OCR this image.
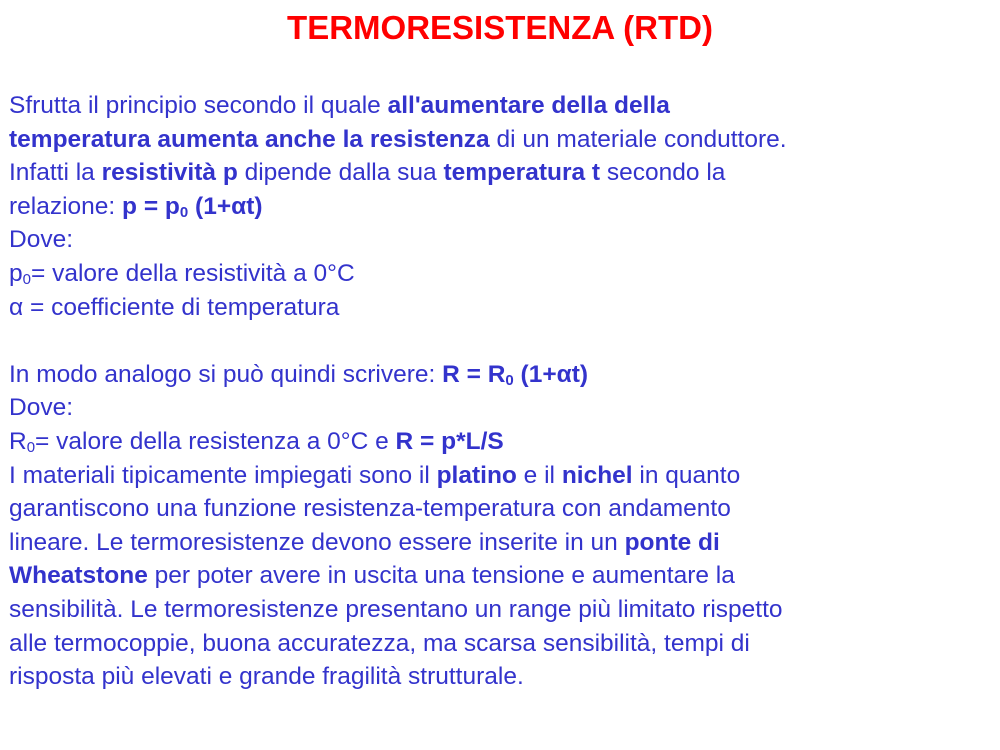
TERMORESISTENZA (RTD)
Sfrutta il principio secondo il quale all'aumentare della della
temperatura aumenta anche la resistenza di un materiale conduttore.
Infatti la resistività p dipende dalla sua temperatura t secondo la
relazione: p = p0 (1+αt)
Dove:
p0= valore della resistività a 0°C
α = coefficiente di temperatura
In modo analogo si può quindi scrivere: R = R0 (1+αt)
Dove:
R0= valore della resistenza a 0°C e R = p*L/S
I materiali tipicamente impiegati sono il platino e il nichel in quanto
garantiscono una funzione resistenza-temperatura con andamento
lineare. Le termoresistenze devono essere inserite in un ponte di
Wheatstone per poter avere in uscita una tensione e aumentare la
sensibilità. Le termoresistenze presentano un range più limitato rispetto
alle termocoppie, buona accuratezza, ma scarsa sensibilità, tempi di
risposta più elevati e grande fragilità strutturale.
